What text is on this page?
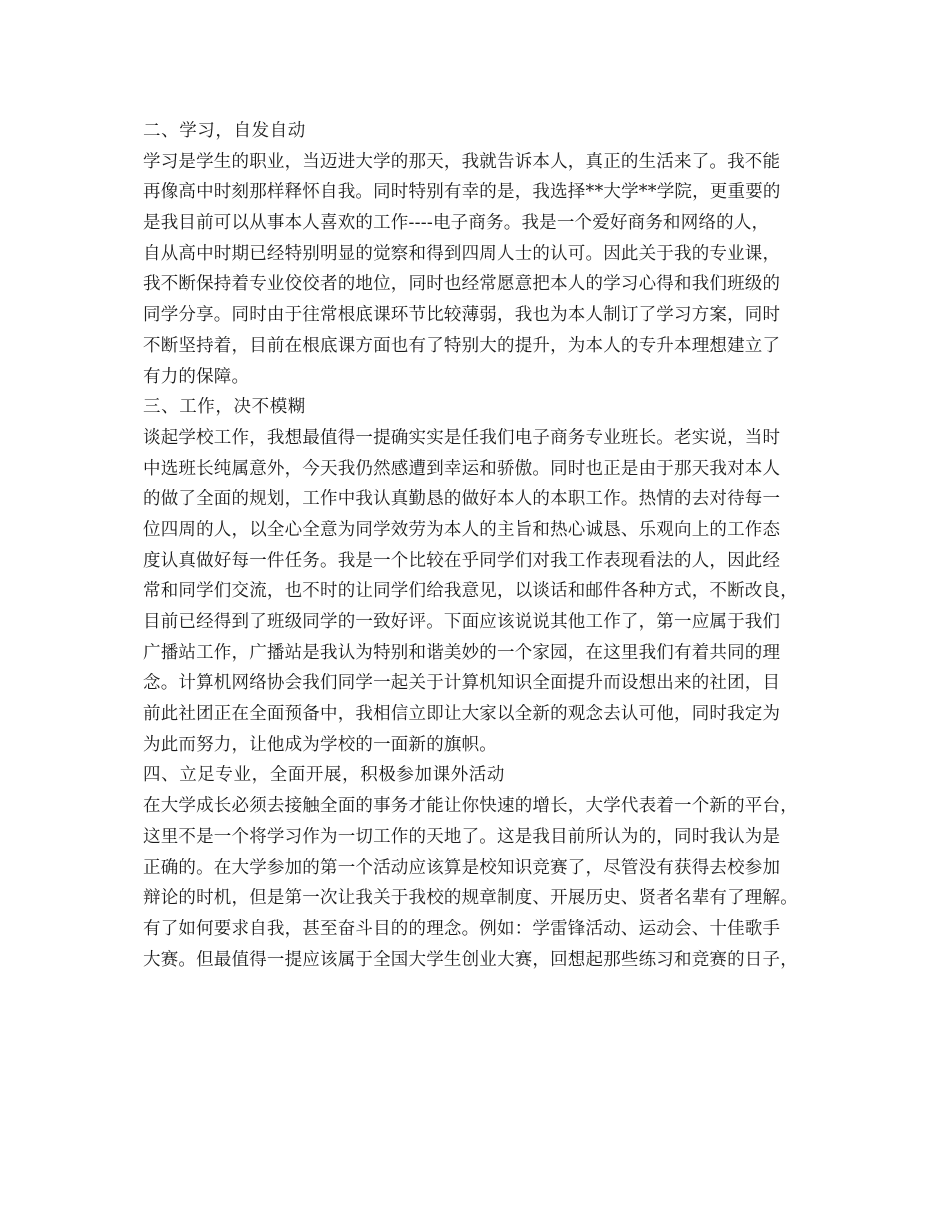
二、学习，自发自动
学习是学生的职业，当迈进大学的那天，我就告诉本人，真正的生活来了。我不能
再像高中时刻那样释怀自我。同时特别有幸的是，我选择**大学**学院，更重要的
是我目前可以从事本人喜欢的工作----电子商务。我是一个爱好商务和网络的人，
自从高中时期已经特别明显的觉察和得到四周人士的认可。因此关于我的专业课，
我不断保持着专业佼佼者的地位，同时也经常愿意把本人的学习心得和我们班级的
同学分享。同时由于往常根底课环节比较薄弱，我也为本人制订了学习方案，同时
不断坚持着，目前在根底课方面也有了特别大的提升，为本人的专升本理想建立了
有力的保障。
三、工作，决不模糊
谈起学校工作，我想最值得一提确实实是任我们电子商务专业班长。老实说，当时
中选班长纯属意外，今天我仍然感遭到幸运和骄傲。同时也正是由于那天我对本人
的做了全面的规划，工作中我认真勤恳的做好本人的本职工作。热情的去对待每一
位四周的人，以全心全意为同学效劳为本人的主旨和热心诚恳、乐观向上的工作态
度认真做好每一件任务。我是一个比较在乎同学们对我工作表现看法的人，因此经
常和同学们交流，也不时的让同学们给我意见，以谈话和邮件各种方式，不断改良，
目前已经得到了班级同学的一致好评。下面应该说说其他工作了，第一应属于我们
广播站工作，广播站是我认为特别和谐美妙的一个家园，在这里我们有着共同的理
念。计算机网络协会我们同学一起关于计算机知识全面提升而设想出来的社团，目
前此社团正在全面预备中，我相信立即让大家以全新的观念去认可他，同时我定为
为此而努力，让他成为学校的一面新的旗帜。
四、立足专业，全面开展，积极参加课外活动
在大学成长必须去接触全面的事务才能让你快速的增长，大学代表着一个新的平台，
这里不是一个将学习作为一切工作的天地了。这是我目前所认为的，同时我认为是
正确的。在大学参加的第一个活动应该算是校知识竞赛了，尽管没有获得去校参加
辩论的时机，但是第一次让我关于我校的规章制度、开展历史、贤者名辈有了理解。
有了如何要求自我，甚至奋斗目的的理念。例如：学雷锋活动、运动会、十佳歌手
大赛。但最值得一提应该属于全国大学生创业大赛，回想起那些练习和竞赛的日子，
